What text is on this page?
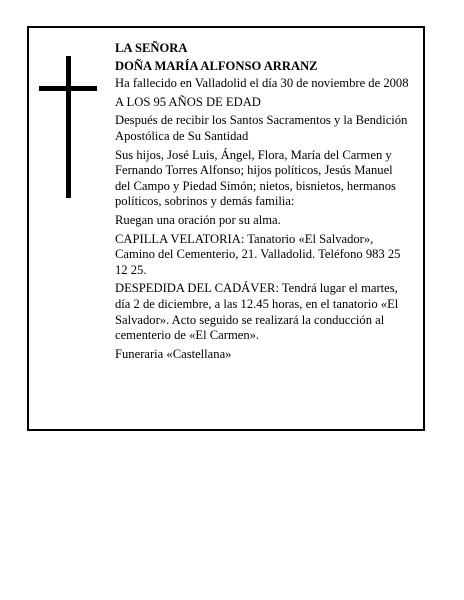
LA SEÑORA
DOÑA MARÍA ALFONSO ARRANZ
Ha fallecido en Valladolid el día 30 de noviembre de 2008
A LOS 95 AÑOS DE EDAD
Después de recibir los Santos Sacramentos y la Bendición Apostólica de Su Santidad
Sus hijos, José Luis, Ángel, Flora, María del Carmen y Fernando Torres Alfonso; hijos políticos, Jesús Manuel del Campo y Piedad Simón; nietos, bisnietos, hermanos políticos, sobrinos y demás familia:
Ruegan una oración por su alma.
CAPILLA VELATORIA: Tanatorio «El Salvador», Camino del Cementerio, 21. Valladolid. Teléfono 983 25 12 25.
DESPEDIDA DEL CADÁVER: Tendrá lugar el martes, día 2 de diciembre, a las 12.45 horas, en el tanatorio «El Salvador». Acto seguido se realizará la conducción al cementerio de «El Carmen».
Funeraria «Castellana»
